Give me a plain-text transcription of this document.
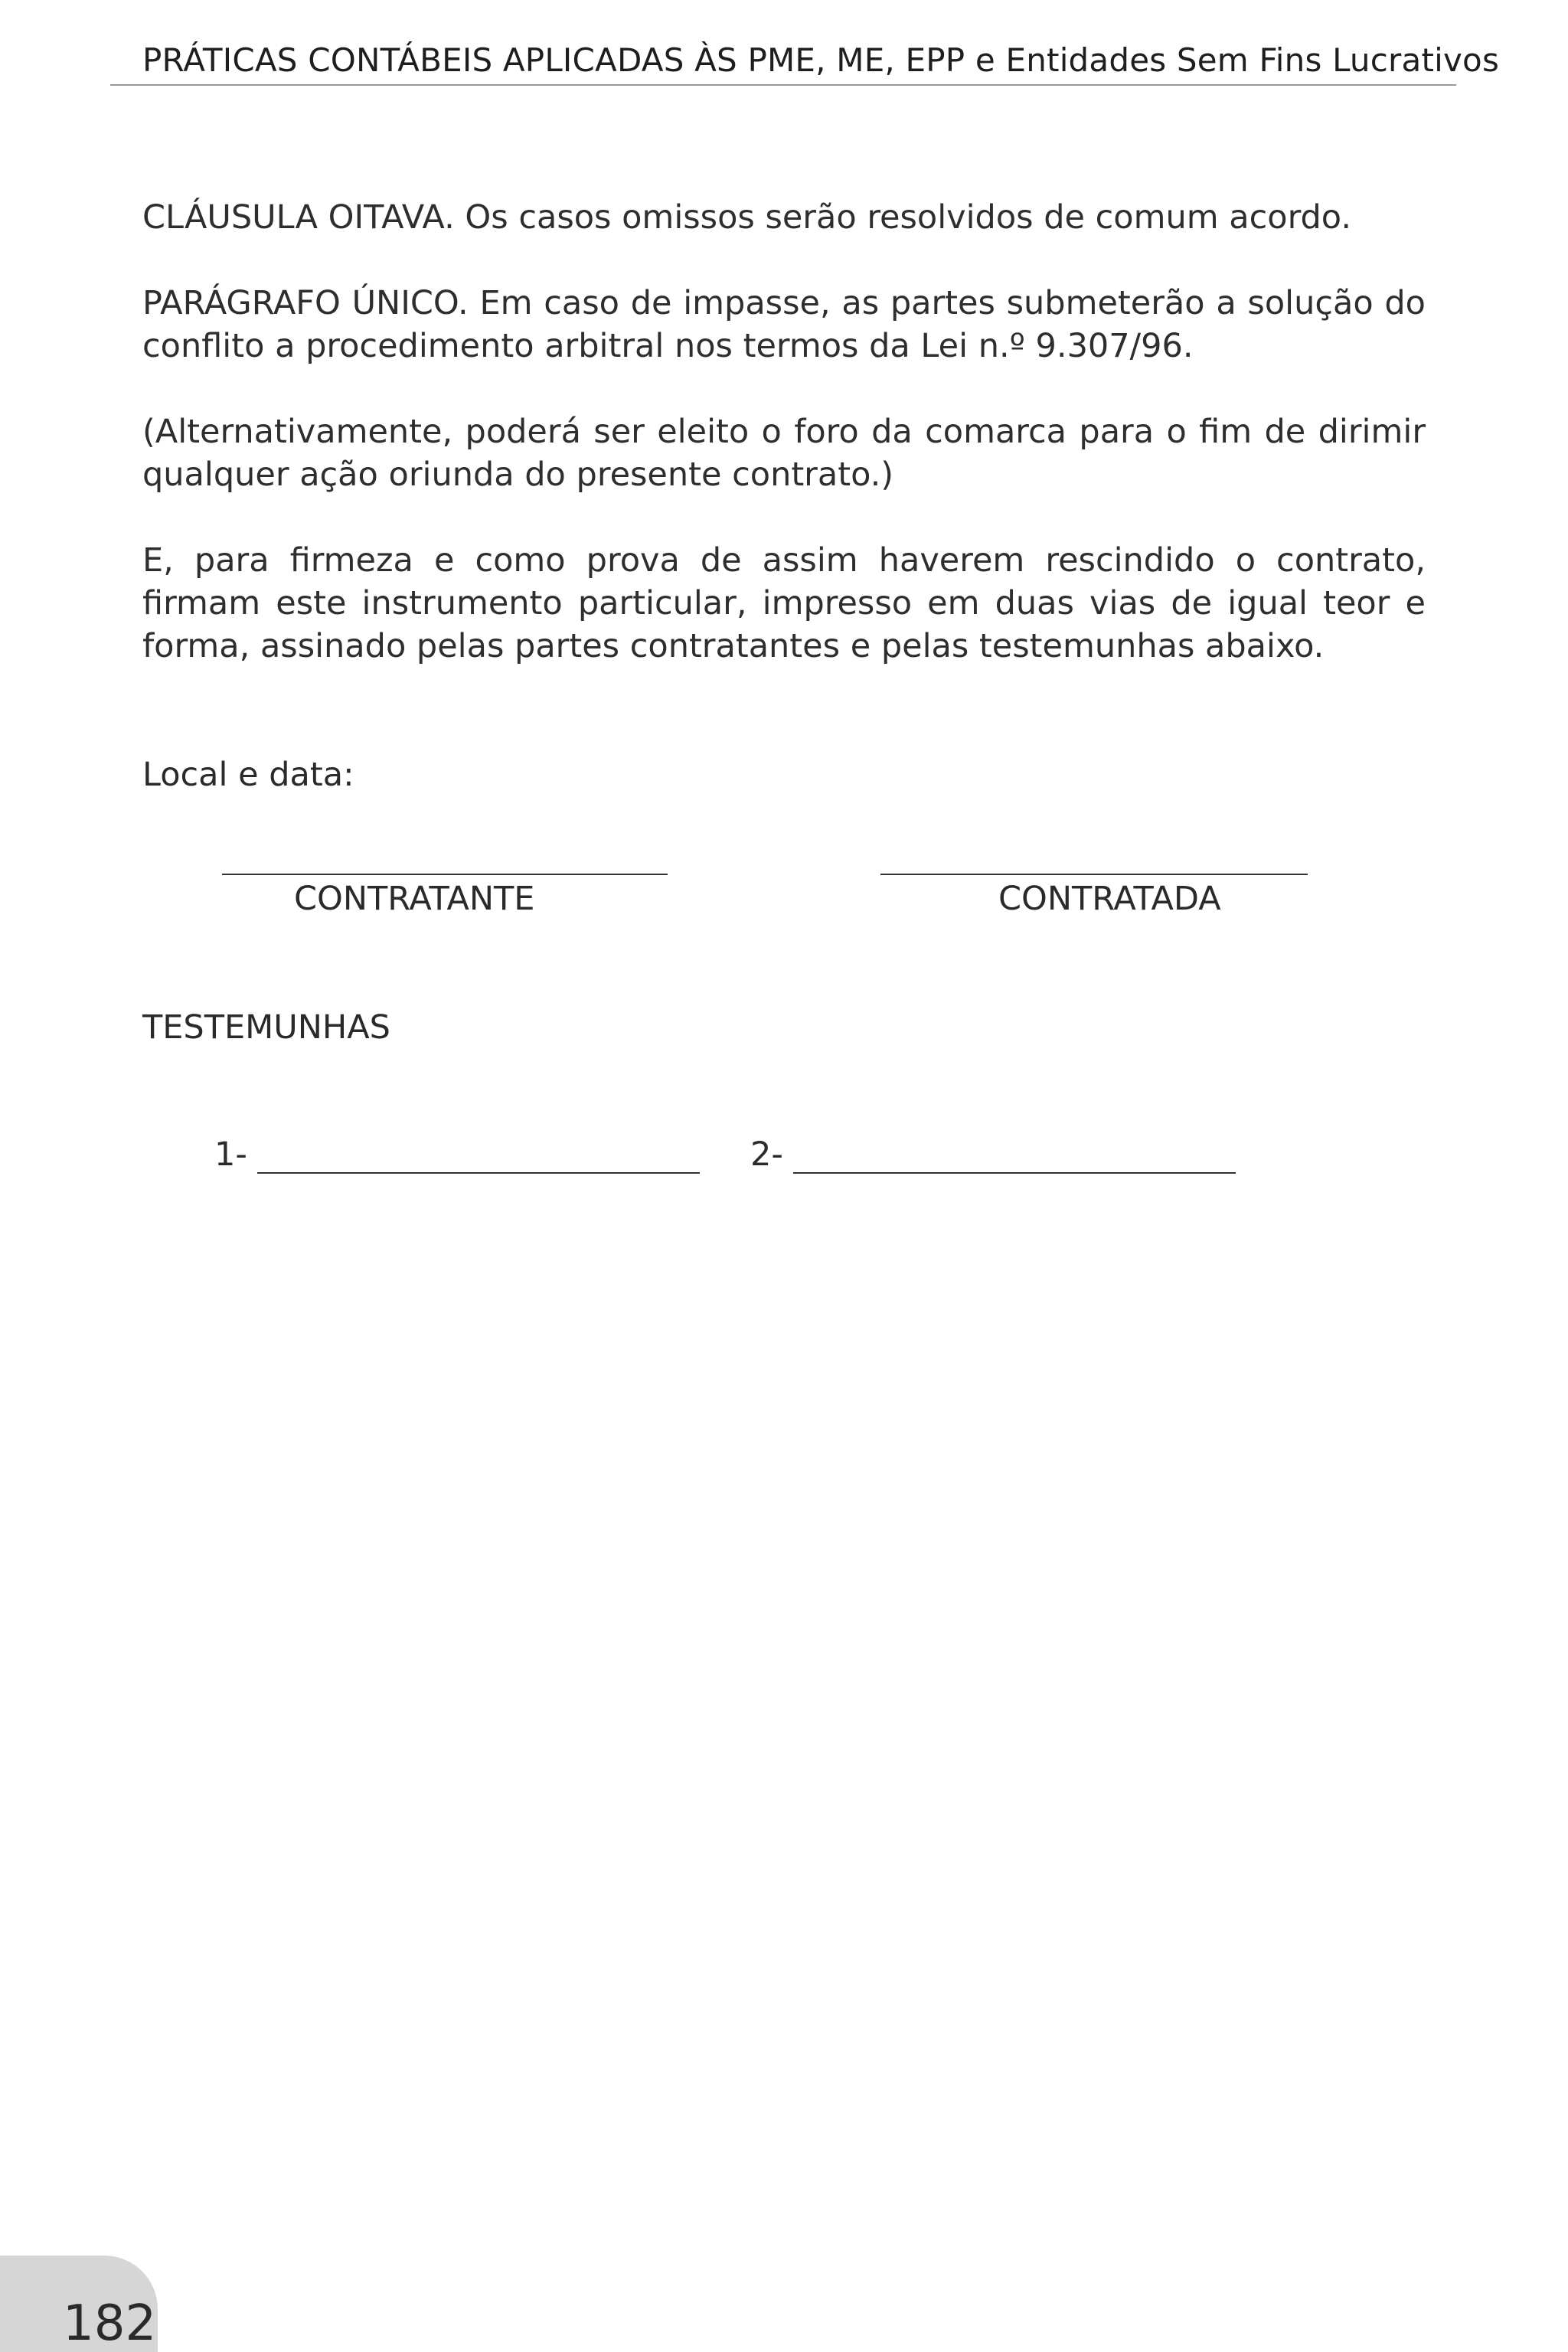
PRÁTICAS CONTÁBEIS APLICADAS ÀS PME, ME, EPP e Entidades Sem Fins Lucrativos

CLÁUSULA OITAVA. Os casos omissos serão resolvidos de comum acordo.

PARÁGRAFO ÚNICO. Em caso de impasse, as partes submeterão a solução do conflito a procedimento arbitral nos termos da Lei n.º 9.307/96.

(Alternativamente, poderá ser eleito o foro da comarca para o fim de dirimir qualquer ação oriunda do presente contrato.)

E, para firmeza e como prova de assim haverem rescindido o contrato, firmam este instrumento particular, impresso em duas vias de igual teor e forma, assinado pelas partes contratantes e pelas testemunhas abaixo.

Local e data:
CONTRATANTE	CONTRATADA
TESTEMUNHAS
1-	2-
182
